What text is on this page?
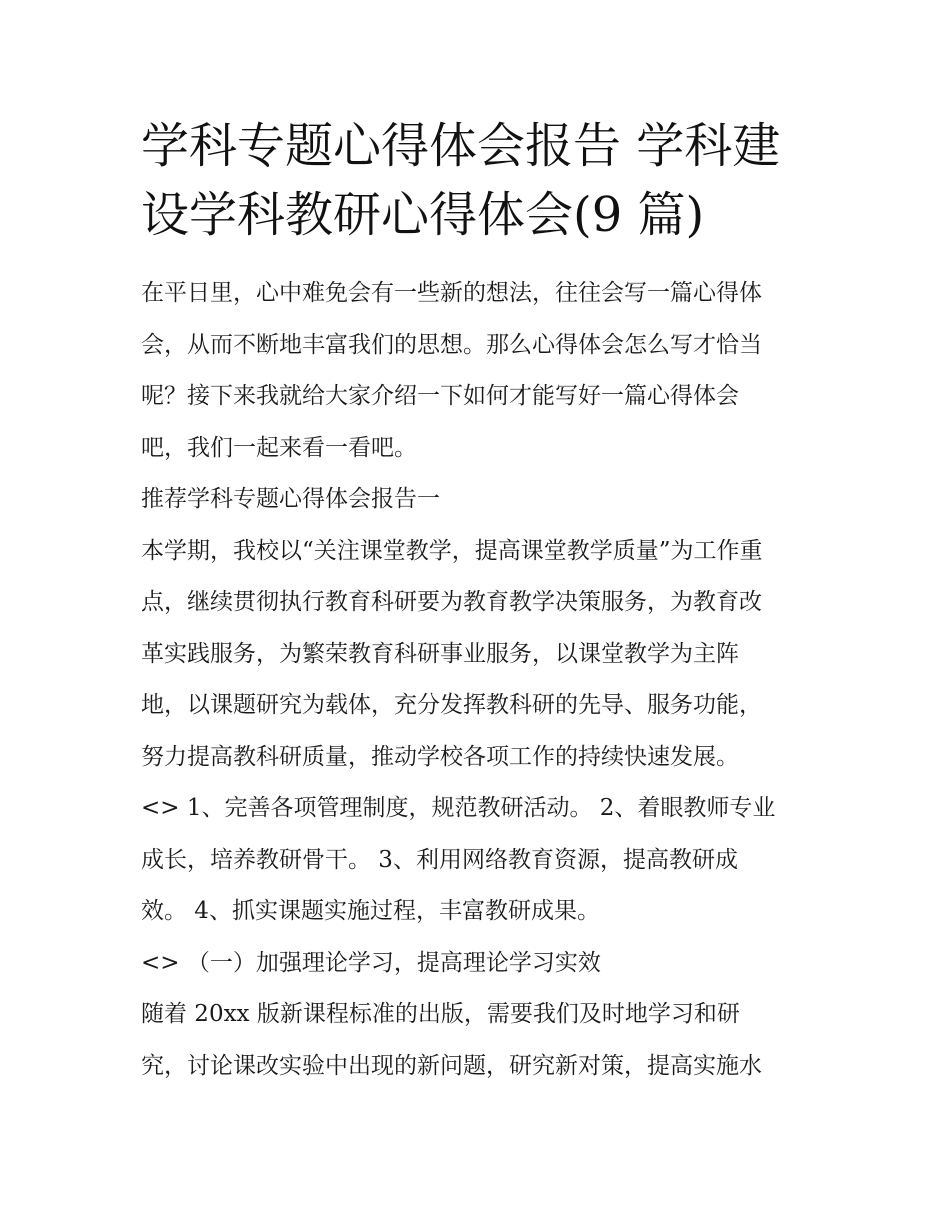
学科专题心得体会报告 学科建
设学科教研心得体会(9 篇)

在平日里，心中难免会有一些新的想法，往往会写一篇心得体
会，从而不断地丰富我们的思想。那么心得体会怎么写才恰当
呢？接下来我就给大家介绍一下如何才能写好一篇心得体会
吧，我们一起来看一看吧。

推荐学科专题心得体会报告一

本学期，我校以“关注课堂教学，提高课堂教学质量”为工作重
点，继续贯彻执行教育科研要为教育教学决策服务，为教育改
革实践服务，为繁荣教育科研事业服务，以课堂教学为主阵
地，以课题研究为载体，充分发挥教科研的先导、服务功能，
努力提高教科研质量，推动学校各项工作的持续快速发展。

<> 1、完善各项管理制度，规范教研活动。 2、着眼教师专业
成长，培养教研骨干。 3、利用网络教育资源，提高教研成
效。 4、抓实课题实施过程，丰富教研成果。

<> （一）加强理论学习，提高理论学习实效

随着 20xx 版新课程标准的出版，需要我们及时地学习和研
究，讨论课改实验中出现的新问题，研究新对策，提高实施水
